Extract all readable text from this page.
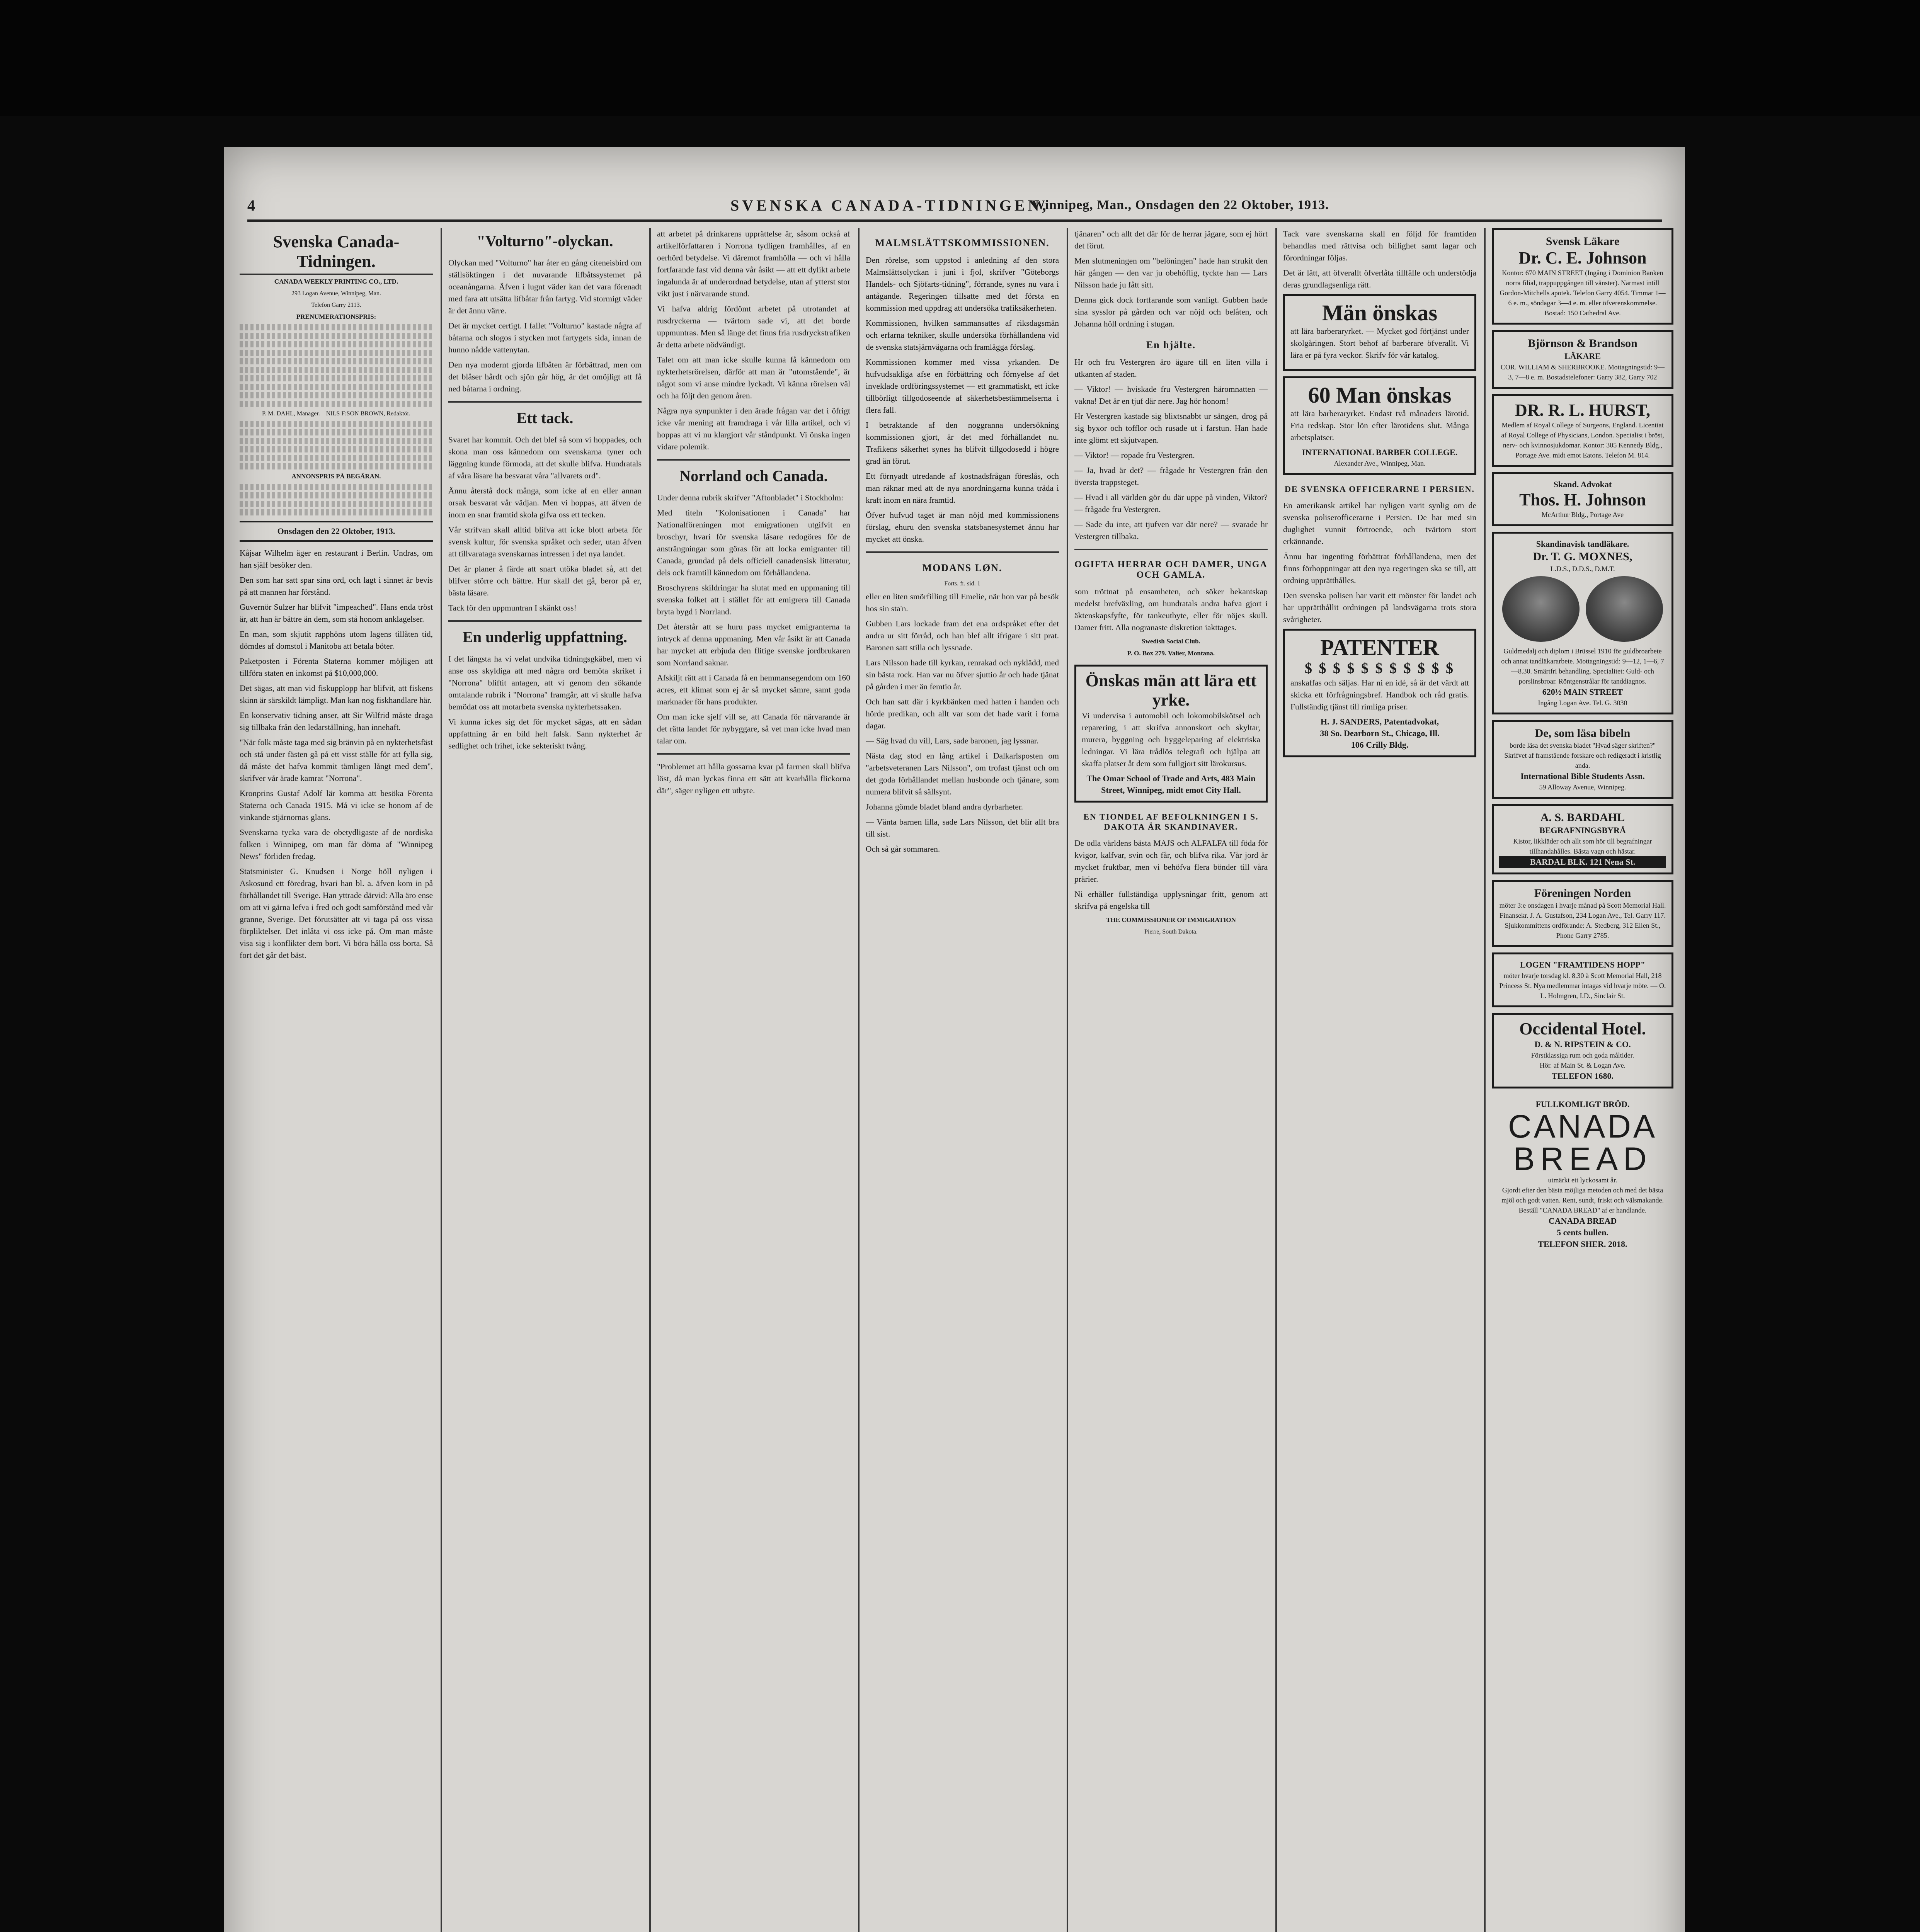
4	SVENSKA CANADA-TIDNINGEN,
Winnipeg, Man., Onsdagen den 22 Oktober, 1913.
Svenska Canada-Tidningen.
CANADA WEEKLY PRINTING CO., LTD.
293 Logan Avenue, Winnipeg, Man.
Telefon Garry 2113.
PRENUMERATIONSPRIS:
P. M. DAHL, Manager. NILS F:SON BROWN, Redaktör.
ANNONSPRIS PÅ BEGÄRAN.
Onsdagen den 22 Oktober, 1913.

Kåjsar Wilhelm äger en restaurant i Berlin. Undras, om han själf besöker den.

Den som har satt spar sina ord, och lagt i sinnet är bevis på att mannen har förstånd.

Guvernör Sulzer har blifvit "impeached". Hans enda tröst är, att han är bättre än dem, som stå honom anklagelser.

En man, som skjutit rapphöns utom lagens tillåten tid, dömdes af domstol i Manitoba att betala böter.

Paketposten i Förenta Staterna kommer möjligen att tillföra staten en inkomst på $10,000,000.

Det sägas, att man vid fiskupplopp har blifvit, att fiskens skinn är särskildt lämpligt. Man kan nog fiskhandlare här.

En konservativ tidning anser, att Sir Wilfrid måste draga sig tillbaka från den ledarställning, han innehaft.

"När folk måste taga med sig bränvin på en nykterhetsfäst och stå under fästen gå på ett visst ställe för att fylla sig, då måste det hafva kommit tämligen långt med dem", skrifver vår ärade kamrat "Norrona".

Kronprins Gustaf Adolf lär komma att besöka Förenta Staterna och Canada 1915. Må vi icke se honom af de vinkande stjärnornas glans.

Svenskarna tycka vara de obetydligaste af de nordiska folken i Winnipeg, om man får döma af "Winnipeg News" förliden fredag.

Statsminister G. Knudsen i Norge höll nyligen i Askosund ett föredrag, hvari han bl. a. äfven kom in på förhållandet till Sverige. Han yttrade därvid: Alla äro ense om att vi gärna lefva i fred och godt samförstånd med vår granne, Sverige. Det förutsätter att vi taga på oss vissa förpliktelser. Det inlåta vi oss icke på. Om man måste visa sig i konflikter dem bort. Vi böra hålla oss borta. Så fort det går det bäst.

"Volturno"-olyckan.

Olyckan med "Volturno" har åter en gång citeneisbird om ställsöktingen i det nuvarande lifbåtssystemet på oceanångarna. Äfven i lugnt väder kan det vara förenadt med fara att utsätta lifbåtar från fartyg. Vid stormigt väder är det ännu värre.

Det är mycket certigt. I fallet "Volturno" kastade några af båtarna och slogos i stycken mot fartygets sida, innan de hunno nådde vattenytan.

Den nya modernt gjorda lifbåten är förbättrad, men om det blåser hårdt och sjön går hög, är det omöjligt att få ned båtarna i ordning.

Ett tack.

Svaret har kommit. Och det blef så som vi hoppades, och skona man oss kännedom om svenskarna tyner och läggning kunde förmoda, att det skulle blifva. Hundratals af våra läsare ha besvarat våra "allvarets ord".

Ännu återstå dock många, som icke af en eller annan orsak besvarat vår vädjan. Men vi hoppas, att äfven de inom en snar framtid skola gifva oss ett tecken.

Vår strifvan skall alltid blifva att icke blott arbeta för svensk kultur, för svenska språket och seder, utan äfven att tillvarataga svenskarnas intressen i det nya landet.

Det är planer å färde att snart utöka bladet så, att det blifver större och bättre. Hur skall det gå, beror på er, bästa läsare.

Tack för den uppmuntran I skänkt oss!

En underlig uppfattning.

I det längsta ha vi velat undvika tidningsgkäbel, men vi anse oss skyldiga att med några ord bemöta skriket i "Norrona" bliftit antagen, att vi genom den sökande omtalande rubrik i "Norrona" framgår, att vi skulle hafva bemödat oss att motarbeta svenska nykterhetssaken.

Vi kunna ickes sig det för mycket sägas, att en sådan uppfattning är en bild helt falsk. Sann nykterhet är sedlighet och frihet, icke sekteriskt tvång.

att arbetet på drinkarens upprättelse är, såsom också af artikelförfattaren i Norrona tydligen framhålles, af en oerhörd betydelse. Vi däremot framhölla — och vi hålla fortfarande fast vid denna vår åsikt — att ett dylikt arbete ingalunda är af underordnad betydelse, utan af ytterst stor vikt just i närvarande stund.

Vi hafva aldrig fördömt arbetet på utrotandet af rusdryckerna — tvärtom sade vi, att det borde uppmuntras. Men så länge det finns fria rusdryckstrafiken är detta arbete nödvändigt.

Talet om att man icke skulle kunna få kännedom om nykterhetsrörelsen, därför att man är "utomstående", är något som vi anse mindre lyckadt. Vi känna rörelsen väl och ha följt den genom åren.

Några nya synpunkter i den ärade frågan var det i öfrigt icke vår mening att framdraga i vår lilla artikel, och vi hoppas att vi nu klargjort vår ståndpunkt. Vi önska ingen vidare polemik.

Norrland och Canada.

Under denna rubrik skrifver "Aftonbladet" i Stockholm:

Med titeln "Kolonisationen i Canada" har Nationalföreningen mot emigrationen utgifvit en broschyr, hvari för svenska läsare redogöres för de ansträngningar som göras för att locka emigranter till Canada, grundad på dels officiell canadensisk litteratur, dels ock framtill kännedom om förhållandena.

Broschyrens skildringar ha slutat med en uppmaning till svenska folket att i stället för att emigrera till Canada bryta bygd i Norrland.

Det återstår att se huru pass mycket emigranterna ta intryck af denna uppmaning. Men vår åsikt är att Canada har mycket att erbjuda den flitige svenske jordbrukaren som Norrland saknar.

Afskiljt rätt att i Canada få en hemmansegendom om 160 acres, ett klimat som ej är så mycket sämre, samt goda marknader för hans produkter.

Om man icke sjelf vill se, att Canada för närvarande är det rätta landet för nybyggare, så vet man icke hvad man talar om.

"Problemet att hålla gossarna kvar på farmen skall blifva löst, då man lyckas finna ett sätt att kvarhålla flickorna där", säger nyligen ett utbyte.

MALMSLÄTTSKOMMISSIONEN.

Den rörelse, som uppstod i anledning af den stora Malmslättsolyckan i juni i fjol, skrifver "Göteborgs Handels- och Sjöfarts-tidning", förrande, synes nu vara i antågande. Regeringen tillsatte med det första en kommission med uppdrag att undersöka trafiksäkerheten.

Kommissionen, hvilken sammansattes af riksdagsmän och erfarna tekniker, skulle undersöka förhållandena vid de svenska statsjärnvägarna och framlägga förslag.

Kommissionen kommer med vissa yrkanden. De hufvudsakliga afse en förbättring och förnyelse af det inveklade ordföringssystemet — ett grammatiskt, ett icke tillbörligt tillgodoseende af säkerhetsbestämmelserna i flera fall.

I betraktande af den noggranna undersökning kommissionen gjort, är det med förhållandet nu. Trafikens säkerhet synes ha blifvit tillgodosedd i högre grad än förut.

Ett förnyadt utredande af kostnadsfrågan föreslås, och man räknar med att de nya anordningarna kunna träda i kraft inom en nära framtid.

Öfver hufvud taget är man nöjd med kommissionens förslag, ehuru den svenska statsbanesystemet ännu har mycket att önska.

MODANS LØN.
Forts. fr. sid. 1

eller en liten smörfilling till Emelie, när hon var på besök hos sin sta'n.

Gubben Lars lockade fram det ena ordspråket efter det andra ur sitt förråd, och han blef allt ifrigare i sitt prat. Baronen satt stilla och lyssnade.

Lars Nilsson hade till kyrkan, renrakad och nyklädd, med sin bästa rock. Han var nu öfver sjuttio år och hade tjänat på gården i mer än femtio år.

Och han satt där i kyrkbänken med hatten i handen och hörde predikan, och allt var som det hade varit i forna dagar.

— Säg hvad du vill, Lars, sade baronen, jag lyssnar.

Nästa dag stod en lång artikel i Dalkarlsposten om "arbetsveteranen Lars Nilsson", om trofast tjänst och om det goda förhållandet mellan husbonde och tjänare, som numera blifvit så sällsynt.

Johanna gömde bladet bland andra dyrbarheter.

— Vänta barnen lilla, sade Lars Nilsson, det blir allt bra till sist.

Och så går sommaren.

tjänaren" och allt det där för de herrar jägare, som ej hört det förut.

Men slutmeningen om "belöningen" hade han strukit den här gången — den var ju obehöflig, tyckte han — Lars Nilsson hade ju fått sitt.

Denna gick dock fortfarande som vanligt. Gubben hade sina sysslor på gården och var nöjd och belåten, och Johanna höll ordning i stugan.

En hjälte.

Hr och fru Vestergren äro ägare till en liten villa i utkanten af staden.

— Viktor! — hviskade fru Vestergren häromnatten — vakna! Det är en tjuf där nere. Jag hör honom!

Hr Vestergren kastade sig blixtsnabbt ur sängen, drog på sig byxor och tofflor och rusade ut i farstun. Han hade inte glömt ett skjutvapen.

— Viktor! — ropade fru Vestergren.

— Ja, hvad är det? — frågade hr Vestergren från den översta trappsteget.

— Hvad i all världen gör du där uppe på vinden, Viktor? — frågade fru Vestergren.

— Sade du inte, att tjufven var där nere? — svarade hr Vestergren tillbaka.

OGIFTA HERRAR OCH DAMER, UNGA OCH GAMLA.

som tröttnat på ensamheten, och söker bekantskap medelst brefväxling, om hundratals andra hafva gjort i äktenskapsfyfte, för tankeutbyte, eller för nöjes skull. Damer fritt. Alla nogranaste diskretion iakttages.

Swedish Social Club.
P. O. Box 279. Valier, Montana.
Önskas män att lära ett yrke.

Vi undervisa i automobil och lokomobilskötsel och reparering, i att skrifva annonskort och skyltar, murera, byggning och hyggeleparing af elektriska ledningar. Vi lära trådlös telegrafi och hjälpa att skaffa platser åt dem som fullgjort sitt lärokursus.

The Omar School of Trade and Arts, 483 Main Street, Winnipeg, midt emot City Hall.
EN TIONDEL AF BEFOLKNINGEN I S. DAKOTA ÄR SKANDINAVER.

De odla världens bästa MAJS och ALFALFA till föda för kvigor, kalfvar, svin och får, och blifva rika. Vår jord är mycket fruktbar, men vi behöfva flera bönder till våra prärier.

Ni erhåller fullständiga upplysningar fritt, genom att skrifva på engelska till

THE COMMISSIONER OF IMMIGRATION
Pierre, South Dakota.

Tack vare svenskarna skall en följd för framtiden behandlas med rättvisa och billighet samt lagar och förordningar följas.

Det är lätt, att öfverallt öfverlåta tillfälle och understödja deras grundlagsenliga rätt.

Män önskas

att lära barberaryrket. — Mycket god förtjänst under skolgåringen. Stort behof af barberare öfverallt. Vi lära er på fyra veckor. Skrifv för vår katalog.

60 Man önskas

att lära barberaryrket. Endast två månaders lärotid. Fria redskap. Stor lön efter lärotidens slut. Många arbetsplatser.

INTERNATIONAL BARBER COLLEGE.
Alexander Ave., Winnipeg, Man.
DE SVENSKA OFFICERARNE I PERSIEN.

En amerikansk artikel har nyligen varit synlig om de svenska poliserofficerarne i Persien. De har med sin duglighet vunnit förtroende, och tvärtom stort erkännande.

Ännu har ingenting förbättrat förhållandena, men det finns förhoppningar att den nya regeringen ska se till, att ordning upprätthålles.

Den svenska polisen har varit ett mönster för landet och har upprätthållit ordningen på landsvägarna trots stora svårigheter.

PATENTER
$ $ $ $ $ $ $ $ $ $ $

anskaffas och säljas. Har ni en idé, så är det värdt att skicka ett förfrågningsbref. Handbok och råd gratis. Fullständig tjänst till rimliga priser.

H. J. SANDERS, Patentadvokat,
38 So. Dearborn St., Chicago, Ill.
106 Crilly Bldg.
Svensk Läkare
Dr. C. E. Johnson
Kontor: 670 MAIN STREET (Ingång i Dominion Banken norra filial, trappuppgången till vänster). Närmast intill Gordon-Mitchells apotek. Telefon Garry 4054. Timmar 1—6 e. m., söndagar 3—4 e. m. eller öfverenskommelse. Bostad: 150 Cathedral Ave.
Björnson & Brandson
LÄKARE
COR. WILLIAM & SHERBROOKE. Mottagningstid: 9—3, 7—8 e. m. Bostadstelefoner: Garry 382, Garry 702
DR. R. L. HURST,
Medlem af Royal College of Surgeons, England. Licentiat af Royal College of Physicians, London. Specialist i bröst, nerv- och kvinnosjukdomar. Kontor: 305 Kennedy Bldg., Portage Ave. midt emot Eatons. Telefon M. 814.
Skand. Advokat
Thos. H. Johnson
McArthur Bldg., Portage Ave
Skandinavisk tandläkare.
Dr. T. G. MOXNES,
L.D.S., D.D.S., D.M.T.
Guldmedalj och diplom i Brüssel 1910 för guldbroarbete och annat tandläkararbete. Mottagningstid: 9—12, 1—6, 7—8.30. Smärtfri behandling. Specialitet: Guld- och porslinsbroar. Röntgenstrålar för tanddiagnos.
620½ MAIN STREET
Ingång Logan Ave. Tel. G. 3030
De, som läsa bibeln
borde läsa det svenska bladet "Hvad säger skriften?" Skrifvet af framstående forskare och redigeradt i kristlig anda.
International Bible Students Assn.
59 Alloway Avenue, Winnipeg.
A. S. BARDAHL
BEGRAFNINGSBYRÅ
Kistor, likkläder och allt som hör till begrafningar tillhandahålles. Bästa vagn och hästar.
BARDAL BLK. 121 Nena St.
Föreningen Norden
möter 3:e onsdagen i hvarje månad på Scott Memorial Hall. Finansekr. J. A. Gustafson, 234 Logan Ave., Tel. Garry 117. Sjukkommittens ordförande: A. Stedberg, 312 Ellen St., Phone Garry 2785.
LOGEN "FRAMTIDENS HOPP"
möter hvarje torsdag kl. 8.30 å Scott Memorial Hall, 218 Princess St. Nya medlemmar intagas vid hvarje möte. — O. L. Holmgren, I.D., Sinclair St.
Occidental Hotel.
D. & N. RIPSTEIN & CO.
Förstklassiga rum och goda måltider.
Hör. af Main St. & Logan Ave.
TELEFON 1680.
FULLKOMLIGT BRÖD.
CANADA
BREAD
utmärkt ett lyckosamt år.
Gjordt efter den bästa möjliga metoden och med det bästa mjöl och godt vatten. Rent, sundt, friskt och välsmakande. Beställ "CANADA BREAD" af er handlande.
CANADA BREAD
5 cents bullen.
TELEFON SHER. 2018.
